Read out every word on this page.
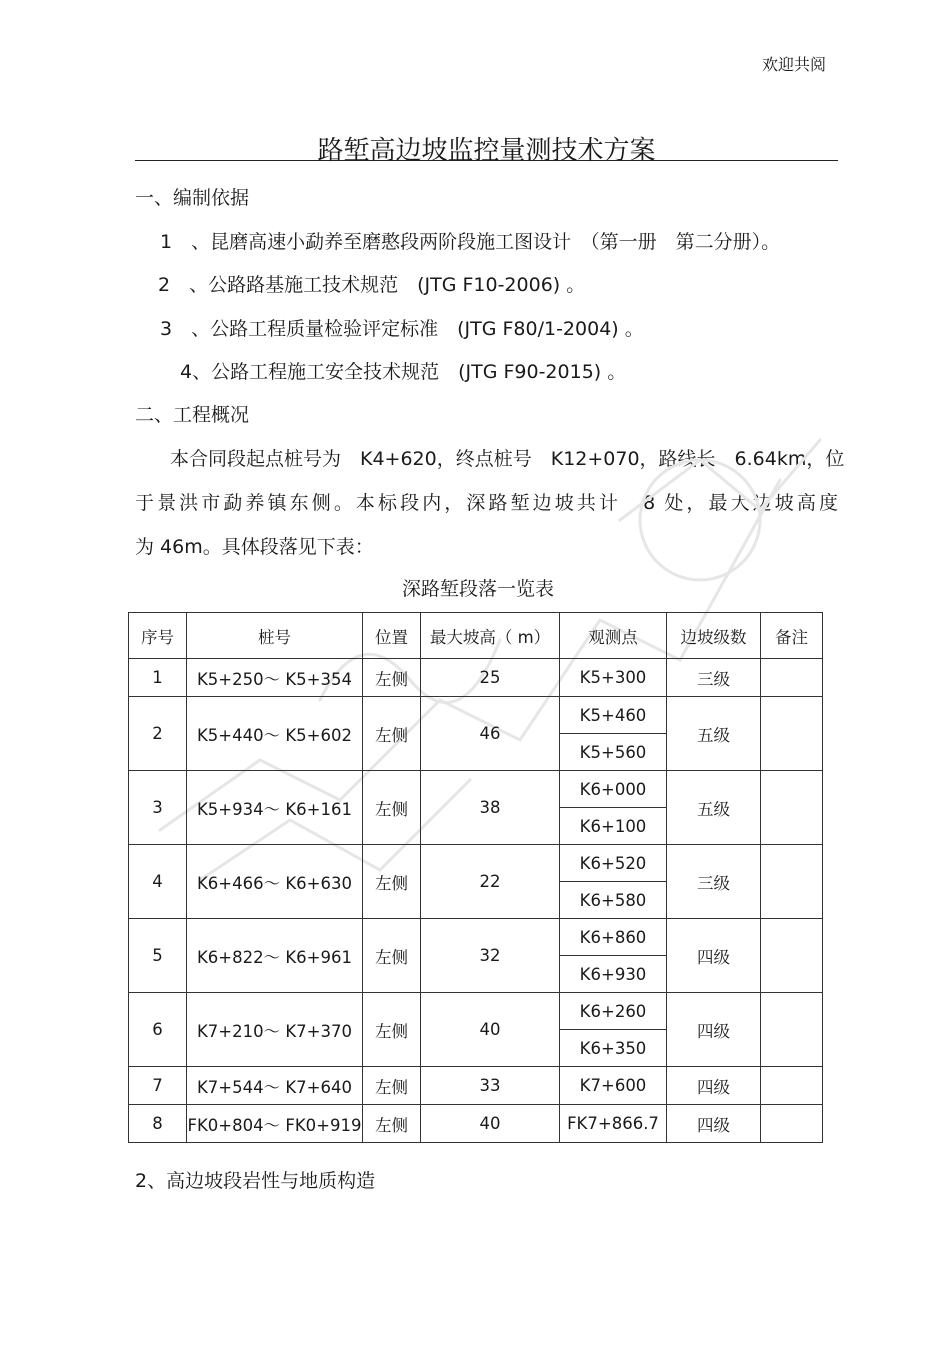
欢迎共阅
路堑高边坡监控量测技术方案
一、编制依据
1　、昆磨高速小勐养至磨憨段两阶段施工图设计　（第一册　第二分册）。
2　、公路路基施工技术规范　(JTG F10-2006) 。
3　、公路工程质量检验评定标准　(JTG F80/1-2004) 。
4、公路工程施工安全技术规范　(JTG F90-2015) 。
二、工程概况
本合同段起点桩号为　K4+620，终点桩号　K12+070，路线长　6.64km，位
于景洪市勐养镇东侧。本标段内，深路堑边坡共计　8 处，最大边坡高度
为 46m。具体段落见下表：
深路堑段落一览表
序号	桩号	位置	最大坡高（ m）	观测点	边坡级数	备注
1	K5+250～ K5+354	左侧	25	K5+300	三级	
2	K5+440～ K5+602	左侧	46	K5+460	五级	
				K5+560		
3	K5+934～ K6+161	左侧	38	K6+000	五级	
				K6+100		
4	K6+466～ K6+630	左侧	22	K6+520	三级	
				K6+580		
5	K6+822～ K6+961	左侧	32	K6+860	四级	
				K6+930		
6	K7+210～ K7+370	左侧	40	K6+260	四级	
				K6+350		
7	K7+544～ K7+640	左侧	33	K7+600	四级	
8	FK0+804～ FK0+919	左侧	40	FK7+866.7	四级	
2、高边坡段岩性与地质构造
